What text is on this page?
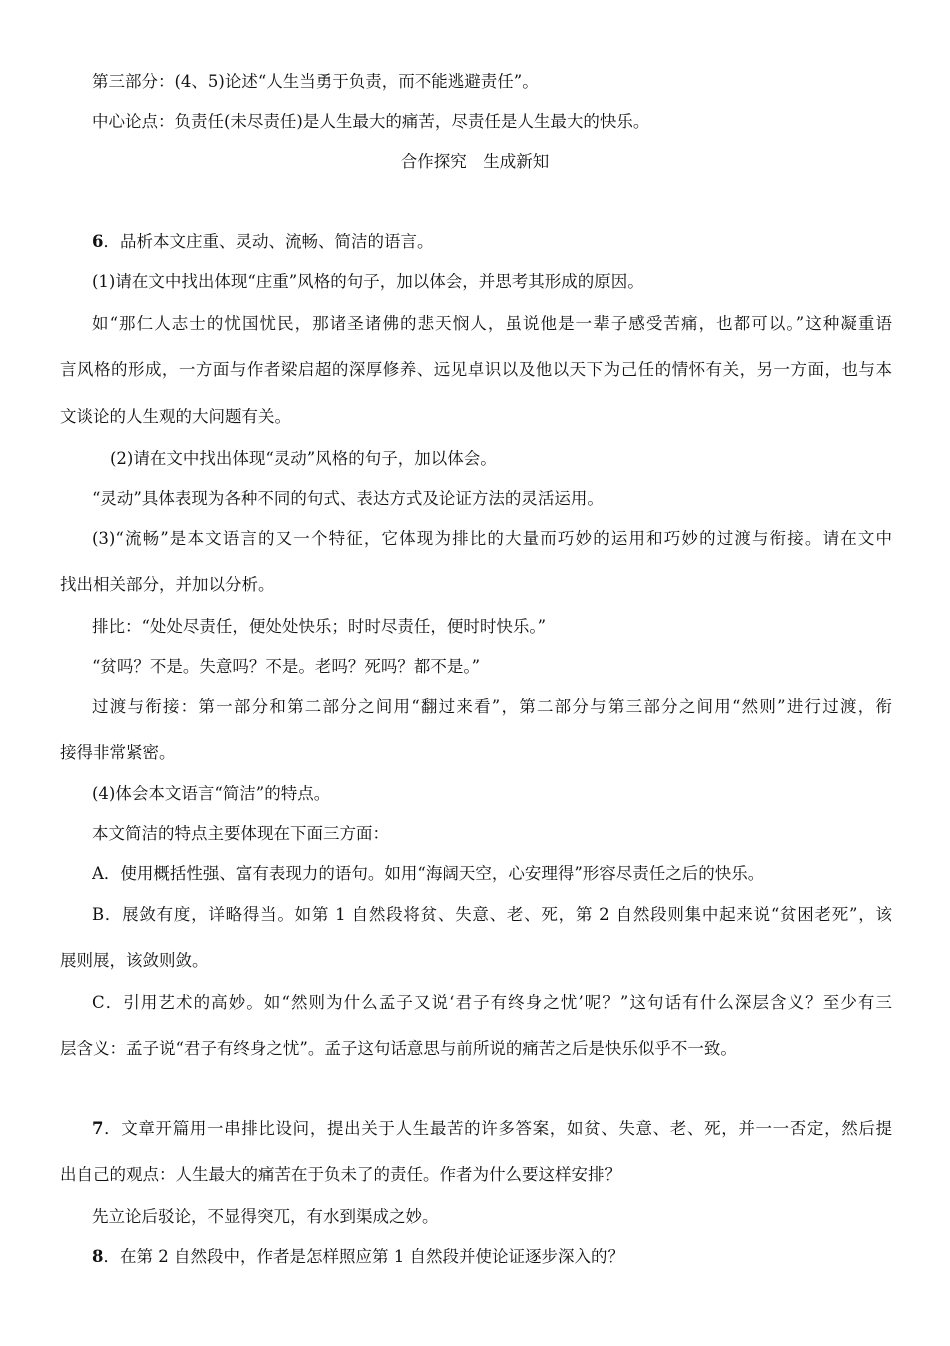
第三部分：(4、5)论述“人生当勇于负责，而不能逃避责任”。
中心论点：负责任(未尽责任)是人生最大的痛苦，尽责任是人生最大的快乐。
合作探究　生成新知
6．品析本文庄重、灵动、流畅、简洁的语言。
(1)请在文中找出体现“庄重”风格的句子，加以体会，并思考其形成的原因。
如“那仁人志士的忧国忧民，那诸圣诸佛的悲天悯人，虽说他是一辈子感受苦痛，也都可以。”这种凝重语
言风格的形成，一方面与作者梁启超的深厚修养、远见卓识以及他以天下为己任的情怀有关，另一方面，也与本
文谈论的人生观的大问题有关。
(2)请在文中找出体现“灵动”风格的句子，加以体会。
“灵动”具体表现为各种不同的句式、表达方式及论证方法的灵活运用。
(3)“流畅”是本文语言的又一个特征，它体现为排比的大量而巧妙的运用和巧妙的过渡与衔接。请在文中
找出相关部分，并加以分析。
排比：“处处尽责任，便处处快乐；时时尽责任，便时时快乐。”
“贫吗？不是。失意吗？不是。老吗？死吗？都不是。”
过渡与衔接：第一部分和第二部分之间用“翻过来看”，第二部分与第三部分之间用“然则”进行过渡，衔
接得非常紧密。
(4)体会本文语言“简洁”的特点。
本文简洁的特点主要体现在下面三方面：
A．使用概括性强、富有表现力的语句。如用“海阔天空，心安理得”形容尽责任之后的快乐。
B．展敛有度，详略得当。如第 1 自然段将贫、失意、老、死，第 2 自然段则集中起来说“贫困老死”，该
展则展，该敛则敛。
C．引用艺术的高妙。如“然则为什么孟子又说‘君子有终身之忧’呢？”这句话有什么深层含义？至少有三
层含义：孟子说“君子有终身之忧”。孟子这句话意思与前所说的痛苦之后是快乐似乎不一致。
7．文章开篇用一串排比设问，提出关于人生最苦的许多答案，如贫、失意、老、死，并一一否定，然后提
出自己的观点：人生最大的痛苦在于负未了的责任。作者为什么要这样安排？
先立论后驳论，不显得突兀，有水到渠成之妙。
8．在第 2 自然段中，作者是怎样照应第 1 自然段并使论证逐步深入的？
